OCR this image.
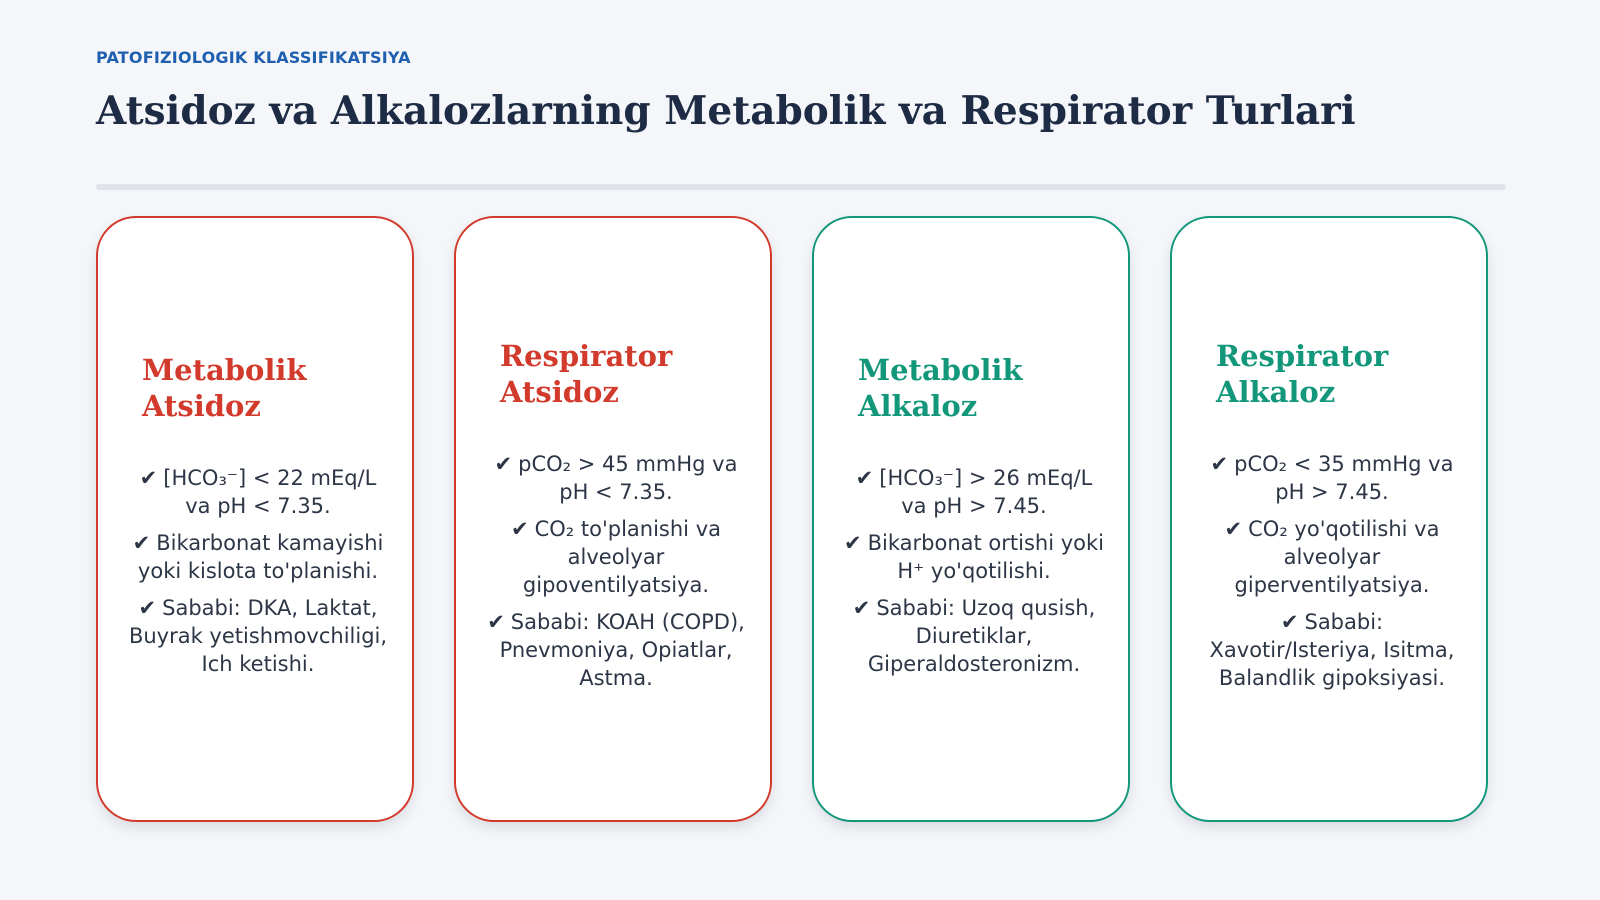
PATOFIZIOLOGIK KLASSIFIKATSIYA
Atsidoz va Alkalozlarning Metabolik va Respirator Turlari
Metabolik Atsidoz
✔ [HCO₃⁻] < 22 mEq/L va pH < 7.35.
✔ Bikarbonat kamayishi yoki kislota to'planishi.
✔ Sababi: DKA, Laktat, Buyrak yetishmovchiligi, Ich ketishi.
Respirator Atsidoz
✔ pCO₂ > 45 mmHg va pH < 7.35.
✔ CO₂ to'planishi va alveolyar gipoventilyatsiya.
✔ Sababi: KOAH (COPD), Pnevmoniya, Opiatlar, Astma.
Metabolik Alkaloz
✔ [HCO₃⁻] > 26 mEq/L va pH > 7.45.
✔ Bikarbonat ortishi yoki H⁺ yo'qotilishi.
✔ Sababi: Uzoq qusish, Diuretiklar, Giperaldosteronizm.
Respirator Alkaloz
✔ pCO₂ < 35 mmHg va pH > 7.45.
✔ CO₂ yo'qotilishi va alveolyar giperventilyatsiya.
✔ Sababi: Xavotir/Isteriya, Isitma, Balandlik gipoksiyasi.
